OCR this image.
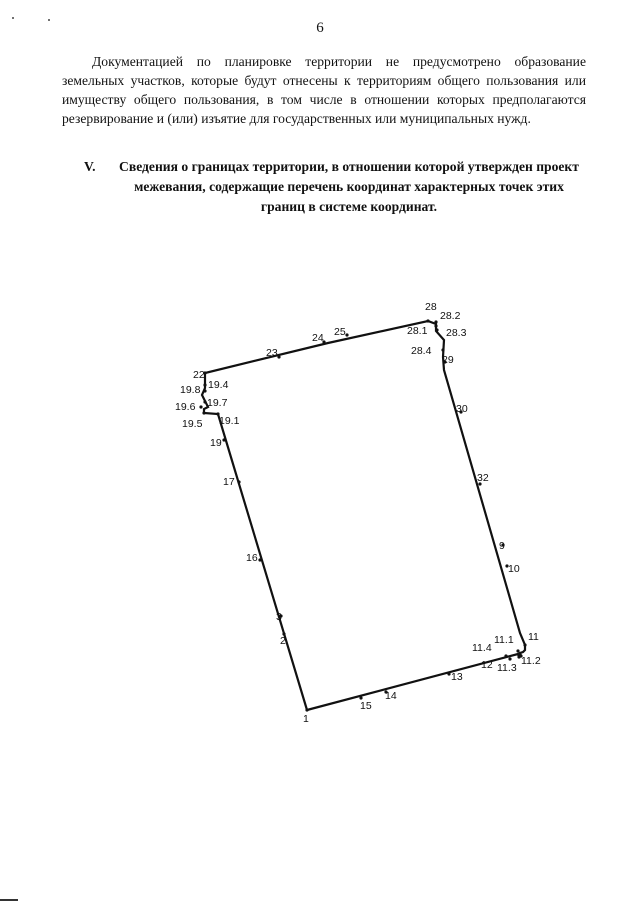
6

Документацией по планировке территории не предусмотрено образование земельных участков, которые будут отнесены к территориям общего пользования или имуществу общего пользования, в том числе в отношении которых предполагаются резервирование и (или) изъятие для государственных или муниципальных нужд.

V.	Сведения о границах территории, в отношении которой утвержден проект межевания, содержащие перечень координат характерных точек этих границ в системе координат.
1
2
3
9
10
11
11.1
11.2
11.3
11.4
12
13
14
15
16
17
19
19.1
19.4
19.5
19.6 19.7
19.8
22
23
24 25
28
28.1
28.2
28.3
28.4
29
30
32
